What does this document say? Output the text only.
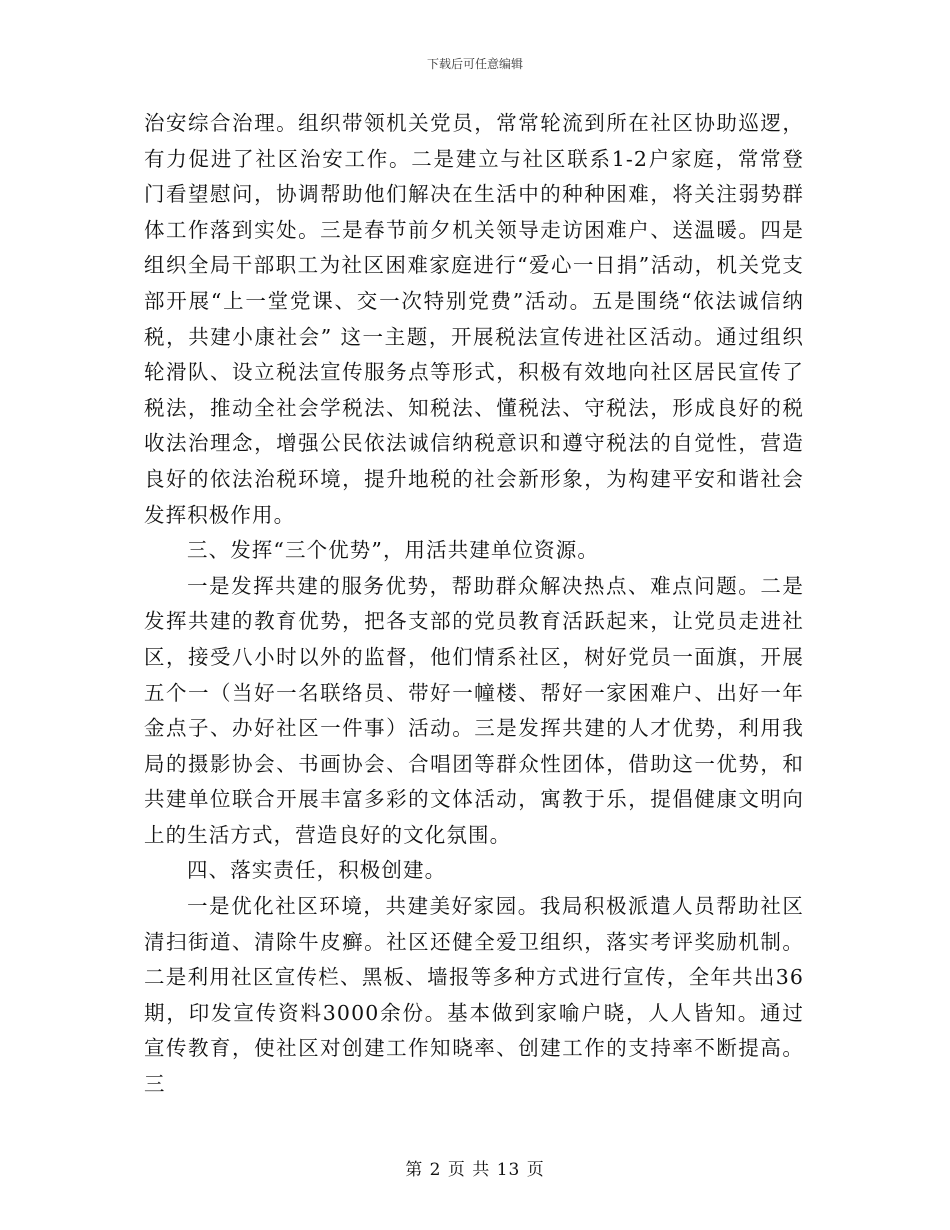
下载后可任意编辑

治安综合治理。组织带领机关党员，常常轮流到所在社区协助巡逻，有力促进了社区治安工作。二是建立与社区联系1-2户家庭，常常登门看望慰问，协调帮助他们解决在生活中的种种困难，将关注弱势群体工作落到实处。三是春节前夕机关领导走访困难户、送温暖。四是组织全局干部职工为社区困难家庭进行“爱心一日捐”活动，机关党支部开展“上一堂党课、交一次特别党费”活动。五是围绕“依法诚信纳税，共建小康社会” 这一主题，开展税法宣传进社区活动。通过组织轮滑队、设立税法宣传服务点等形式，积极有效地向社区居民宣传了税法，推动全社会学税法、知税法、懂税法、守税法，形成良好的税收法治理念，增强公民依法诚信纳税意识和遵守税法的自觉性，营造良好的依法治税环境，提升地税的社会新形象，为构建平安和谐社会发挥积极作用。

三、发挥“三个优势”，用活共建单位资源。

一是发挥共建的服务优势，帮助群众解决热点、难点问题。二是发挥共建的教育优势，把各支部的党员教育活跃起来，让党员走进社区，接受八小时以外的监督，他们情系社区，树好党员一面旗，开展五个一（当好一名联络员、带好一幢楼、帮好一家困难户、出好一年金点子、办好社区一件事）活动。三是发挥共建的人才优势，利用我局的摄影协会、书画协会、合唱团等群众性团体，借助这一优势，和共建单位联合开展丰富多彩的文体活动，寓教于乐，提倡健康文明向上的生活方式，营造良好的文化氛围。

四、落实责任，积极创建。

一是优化社区环境，共建美好家园。我局积极派遣人员帮助社区清扫街道、清除牛皮癣。社区还健全爱卫组织，落实考评奖励机制。二是利用社区宣传栏、黑板、墙报等多种方式进行宣传，全年共出36期，印发宣传资料3000余份。基本做到家喻户晓，人人皆知。通过宣传教育，使社区对创建工作知晓率、创建工作的支持率不断提高。三

第 2 页 共 13 页
